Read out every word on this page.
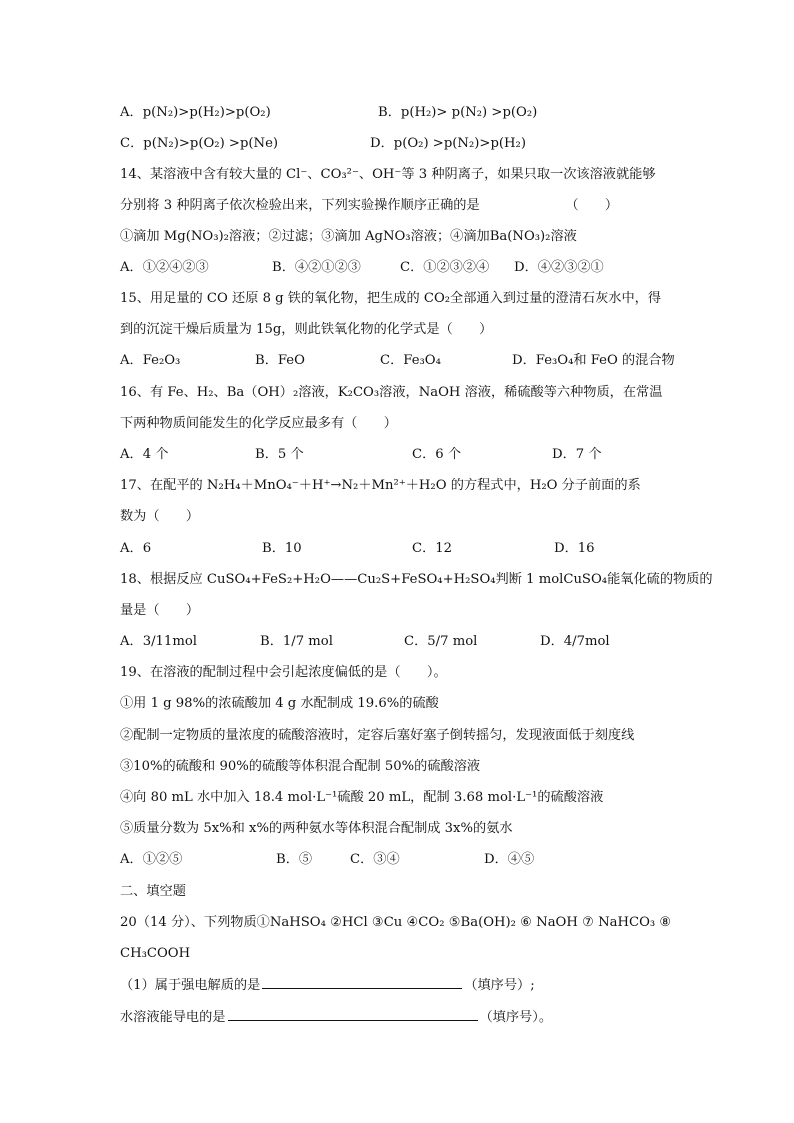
A．p(N₂)>p(H₂)>p(O₂)	B．p(H₂)> p(N₂) >p(O₂)
C．p(N₂)>p(O₂) >p(Ne)	D．p(O₂) >p(N₂)>p(H₂)
14、某溶液中含有较大量的 Cl⁻、CO₃²⁻、OH⁻等 3 种阴离子，如果只取一次该溶液就能够
分别将 3 种阴离子依次检验出来，下列实验操作顺序正确的是　　　　　　　（　　）
①滴加 Mg(NO₃)₂溶液；②过滤；③滴加 AgNO₃溶液；④滴加Ba(NO₃)₂溶液
A．①②④②③	B．④②①②③	C．①②③②④ D．④②③②①
15、用足量的 CO 还原 8 g 铁的氧化物，把生成的 CO₂全部通入到过量的澄清石灰水中，得
到的沉淀干燥后质量为 15g，则此铁氧化物的化学式是（　　）
A．Fe₂O₃	B．FeO	C．Fe₃O₄	D．Fe₃O₄和 FeO 的混合物
16、有 Fe、H₂、Ba（OH）₂溶液，K₂CO₃溶液，NaOH 溶液，稀硫酸等六种物质，在常温
下两种物质间能发生的化学反应最多有（　　）
A．4 个	B．5 个	C．6 个	D．7 个
17、在配平的 N₂H₄＋MnO₄⁻＋H⁺→N₂＋Mn²⁺＋H₂O 的方程式中，H₂O 分子前面的系
数为（　　）
A．6	B．10	C．12	D．16
18、根据反应 CuSO₄+FeS₂+H₂O——Cu₂S+FeSO₄+H₂SO₄判断 1 molCuSO₄能氧化硫的物质的
量是（　　）
A．3/11mol	B．1/7 mol	C．5/7 mol	D．4/7mol
19、在溶液的配制过程中会引起浓度偏低的是（　　）。
①用 1 g 98%的浓硫酸加 4 g 水配制成 19.6%的硫酸
②配制一定物质的量浓度的硫酸溶液时，定容后塞好塞子倒转摇匀，发现液面低于刻度线
③10%的硫酸和 90%的硫酸等体积混合配制 50%的硫酸溶液
④向 80 mL 水中加入 18.4 mol·L⁻¹硫酸 20 mL，配制 3.68 mol·L⁻¹的硫酸溶液
⑤质量分数为 5x%和 x%的两种氨水等体积混合配制成 3x%的氨水
A．①②⑤	B．⑤	C．③④	D．④⑤
二、填空题
20（14 分）、下列物质①NaHSO₄ ②HCl ③Cu ④CO₂ ⑤Ba(OH)₂ ⑥ NaOH ⑦ NaHCO₃ ⑧
CH₃COOH
（1）属于强电解质的是	（填序号）;
水溶液能导电的是	（填序号）。
